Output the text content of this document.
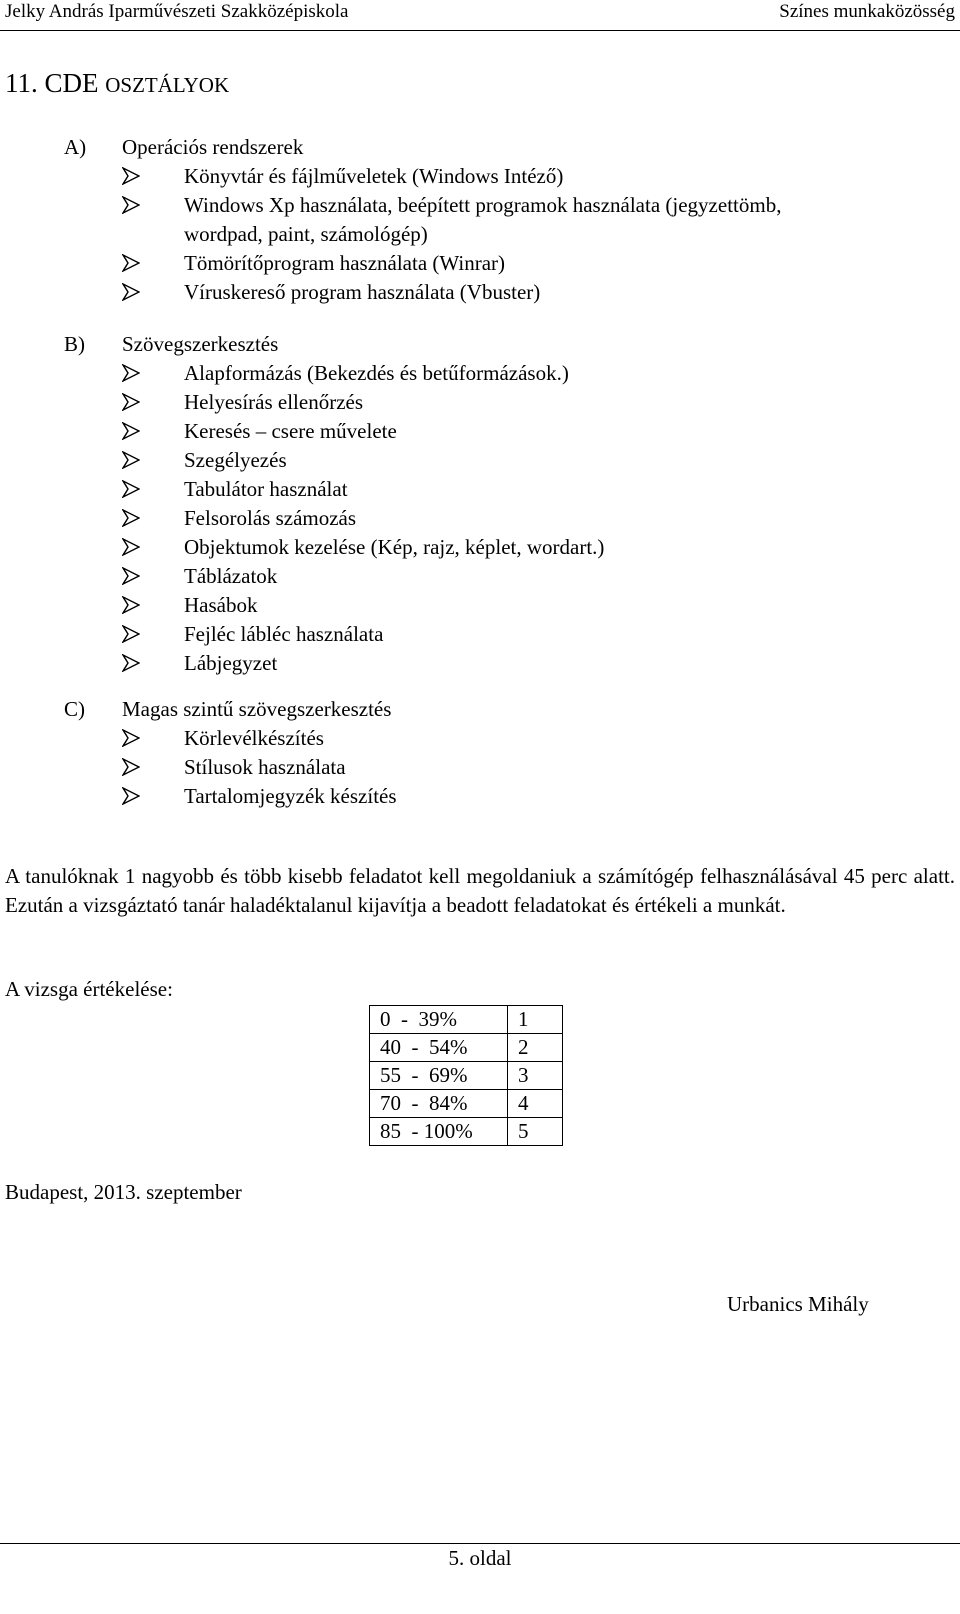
Jelky András Iparművészeti Szakközépiskola	Színes munkaközösség
11. CDE OSZTÁLYOK
A) Operációs rendszerek
Könyvtár és fájlműveletek (Windows Intéző)
Windows Xp használata, beépített programok használata (jegyzettömb,
wordpad, paint, számológép)
Tömörítőprogram használata (Winrar)
Víruskereső program használata (Vbuster)
B) Szövegszerkesztés
Alapformázás (Bekezdés és betűformázások.)
Helyesírás ellenőrzés
Keresés – csere művelete
Szegélyezés
Tabulátor használat
Felsorolás számozás
Objektumok kezelése (Kép, rajz, képlet, wordart.)
Táblázatok
Hasábok
Fejléc lábléc használata
Lábjegyzet
C) Magas szintű szövegszerkesztés
Körlevélkészítés
Stílusok használata
Tartalomjegyzék készítés
A tanulóknak 1 nagyobb és több kisebb feladatot kell megoldaniuk a számítógép felhasználásával 45 perc alatt. Ezután a vizsgáztató tanár haladéktalanul kijavítja a beadott feladatokat és értékeli a munkát.
A vizsga értékelése:
0  -  39%	1
40  -  54%	2
55  -  69%	3
70  -  84%	4
85  - 100%	5
Budapest, 2013. szeptember
Urbanics Mihály
5. oldal
